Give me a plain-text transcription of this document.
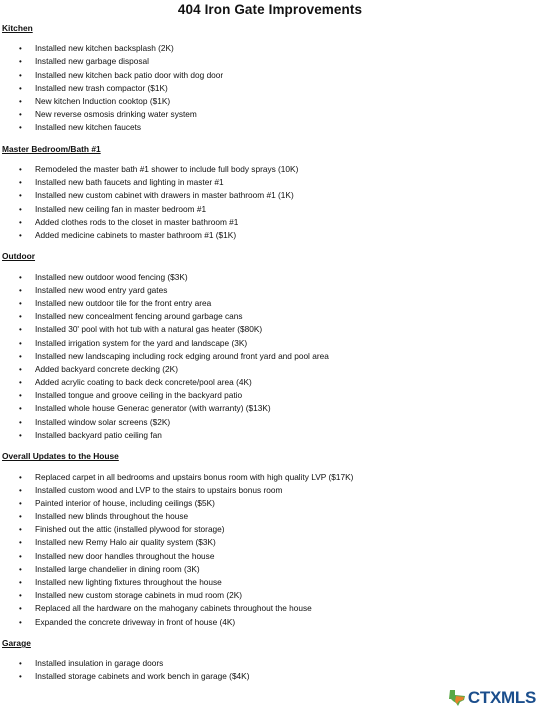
404 Iron Gate Improvements
Kitchen
• Installed new kitchen backsplash (2K)
• Installed new garbage disposal
• Installed new kitchen back patio door with dog door
• Installed new trash compactor ($1K)
• New kitchen Induction cooktop ($1K)
• New reverse osmosis drinking water system
• Installed new kitchen faucets
Master Bedroom/Bath #1
• Remodeled the master bath #1 shower to include full body sprays (10K)
• Installed new bath faucets and lighting in master #1
• Installed new custom cabinet with drawers in master bathroom #1 (1K)
• Installed new ceiling fan in master bedroom #1
• Added clothes rods to the closet in master bathroom #1
• Added medicine cabinets to master bathroom #1 ($1K)
Outdoor
• Installed new outdoor wood fencing ($3K)
• Installed new wood entry yard gates
• Installed new outdoor tile for the front entry area
• Installed new concealment fencing around garbage cans
• Installed 30' pool with hot tub with a natural gas heater ($80K)
• Installed irrigation system for the yard and landscape (3K)
• Installed new landscaping including rock edging around front yard and pool area
• Added backyard concrete decking (2K)
• Added acrylic coating to back deck concrete/pool area (4K)
• Installed tongue and groove ceiling in the backyard patio
• Installed whole house Generac generator (with warranty) ($13K)
• Installed window solar screens ($2K)
• Installed backyard patio ceiling fan
Overall Updates to the House
• Replaced carpet in all bedrooms and upstairs bonus room with high quality LVP ($17K)
• Installed custom wood and LVP to the stairs to upstairs bonus room
• Painted interior of house, including ceilings ($5K)
• Installed new blinds throughout the house
• Finished out the attic (installed plywood for storage)
• Installed new Remy Halo air quality system ($3K)
• Installed new door handles throughout the house
• Installed large chandelier in dining room (3K)
• Installed new lighting fixtures throughout the house
• Installed new custom storage cabinets in mud room (2K)
• Replaced all the hardware on the mahogany cabinets throughout the house
• Expanded the concrete driveway in front of house (4K)
Garage
• Installed insulation in garage doors
• Installed storage cabinets and work bench in garage ($4K)
CTXMLS
